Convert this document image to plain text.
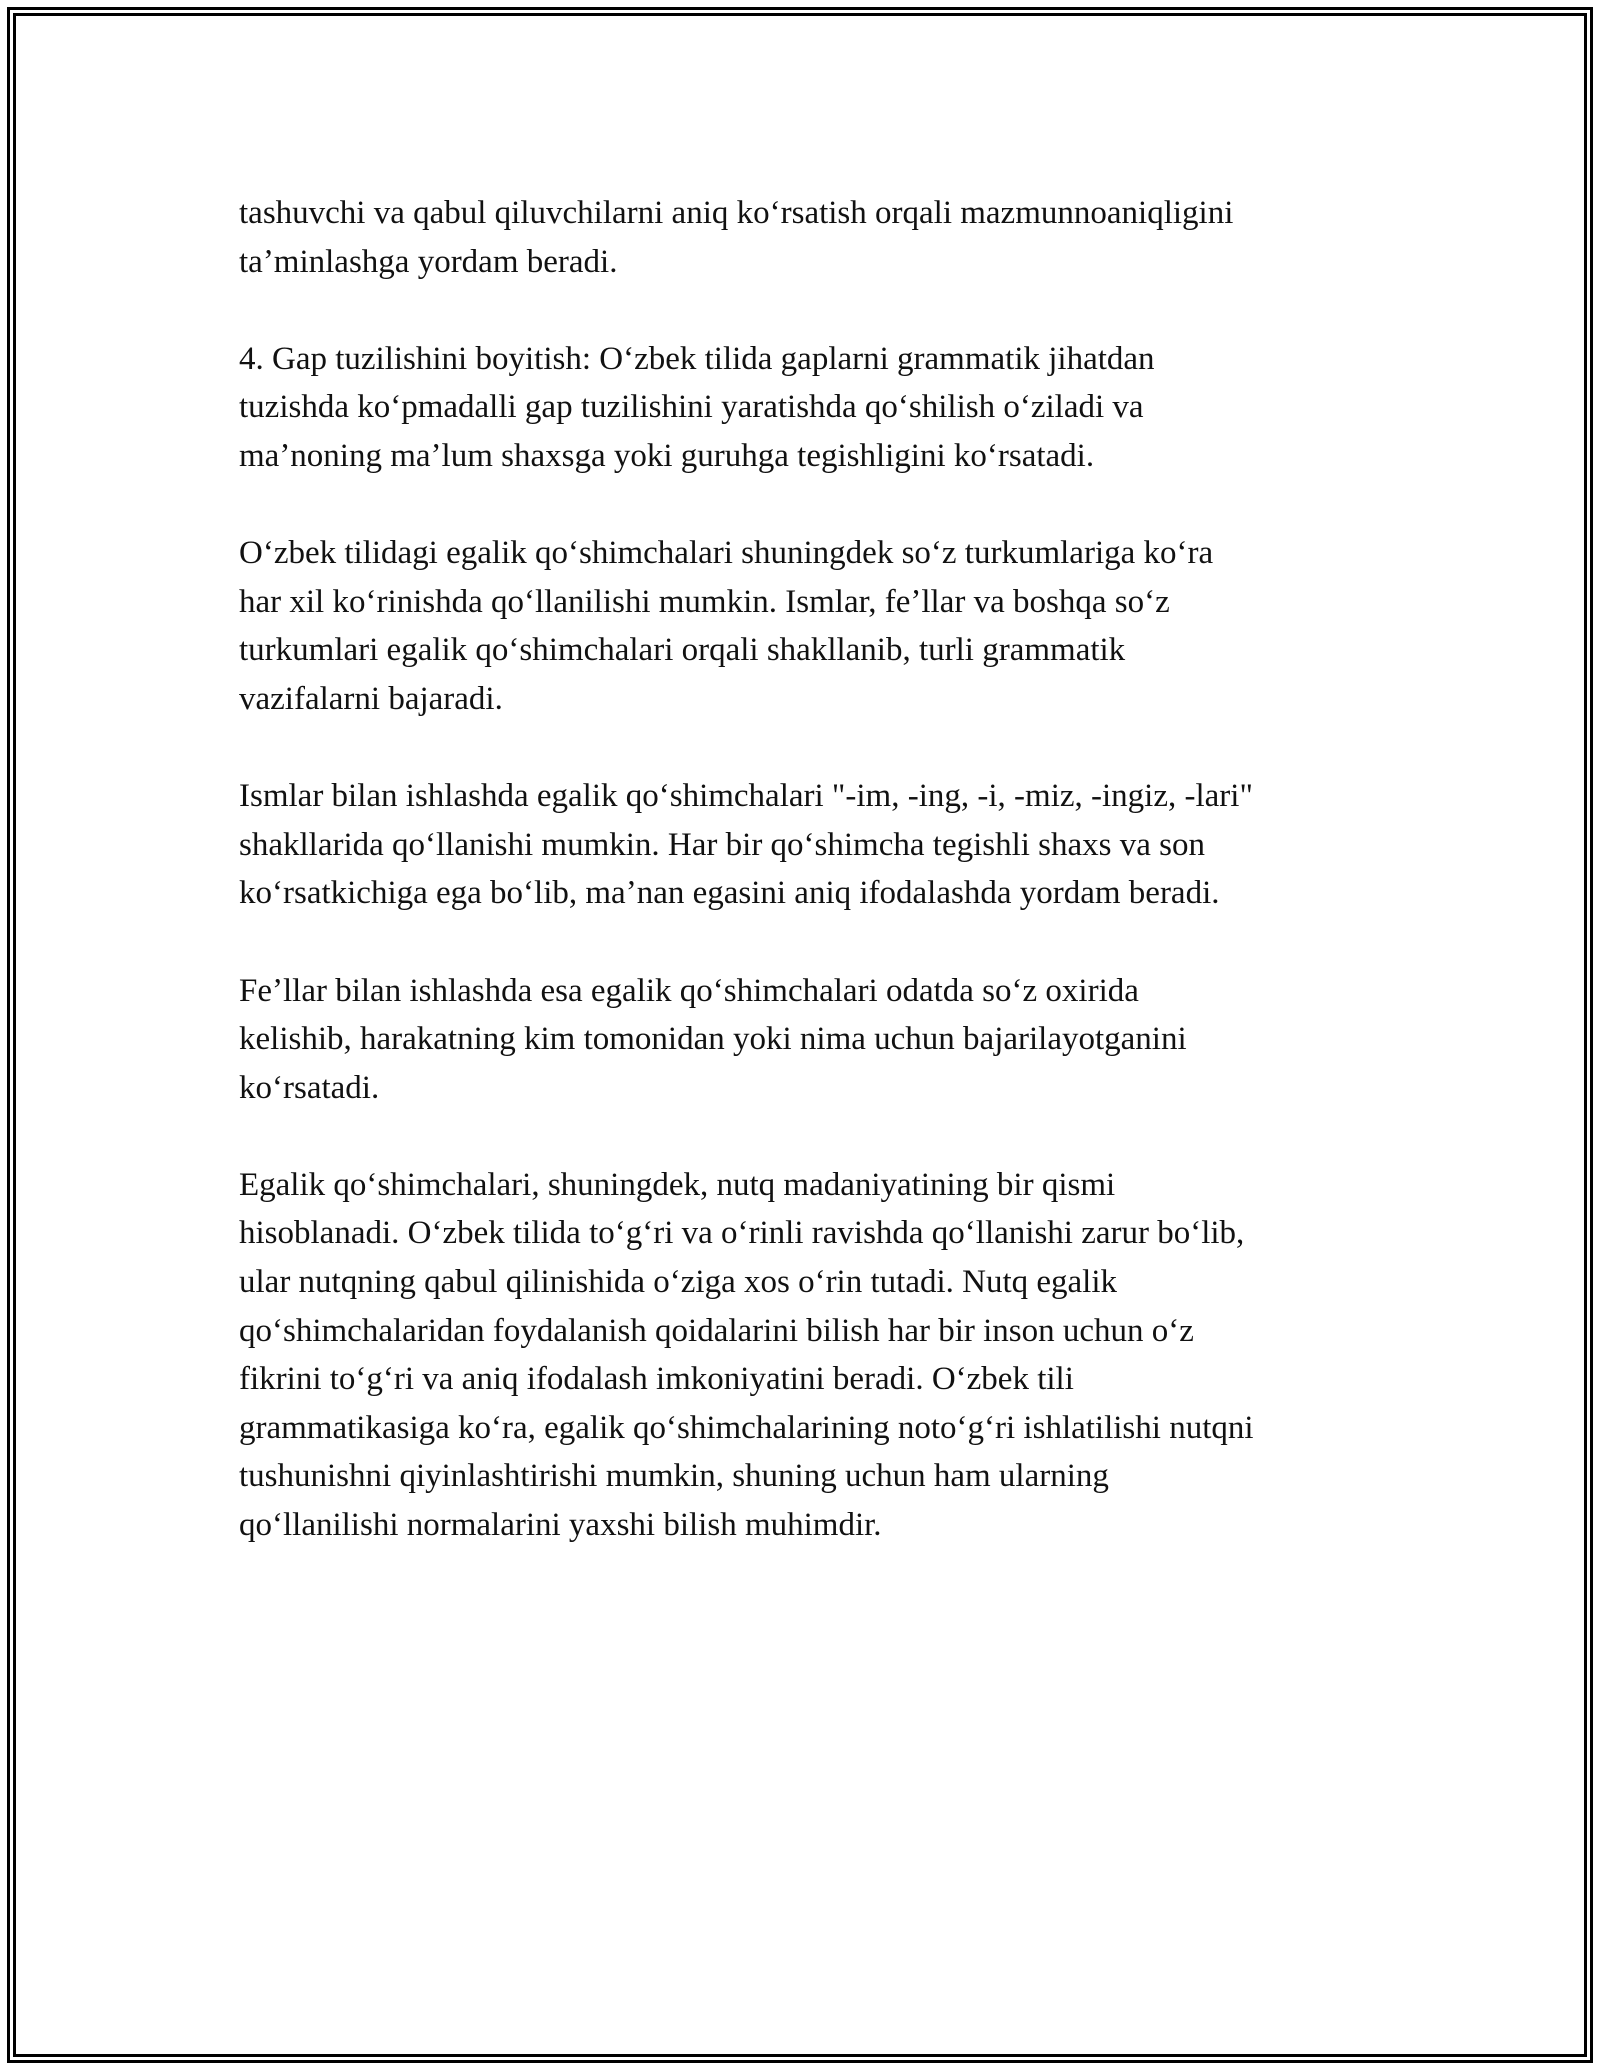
tashuvchi va qabul qiluvchilarni aniq koʻrsatish orqali mazmunnoaniqligini
taʼminlashga yordam beradi.

4. Gap tuzilishini boyitish: Oʻzbek tilida gaplarni grammatik jihatdan
tuzishda koʻpmadalli gap tuzilishini yaratishda qoʻshilish oʻziladi va
maʼnoning maʼlum shaxsga yoki guruhga tegishligini koʻrsatadi.

Oʻzbek tilidagi egalik qoʻshimchalari shuningdek soʻz turkumlariga koʻra
har xil koʻrinishda qoʻllanilishi mumkin. Ismlar, feʼllar va boshqa soʻz
turkumlari egalik qoʻshimchalari orqali shakllanib, turli grammatik
vazifalarni bajaradi.

Ismlar bilan ishlashda egalik qoʻshimchalari "-im, -ing, -i, -miz, -ingiz, -lari"
shakllarida qoʻllanishi mumkin. Har bir qoʻshimcha tegishli shaxs va son
koʻrsatkichiga ega boʻlib, maʼnan egasini aniq ifodalashda yordam beradi.

Feʼllar bilan ishlashda esa egalik qoʻshimchalari odatda soʻz oxirida
kelishib, harakatning kim tomonidan yoki nima uchun bajarilayotganini
koʻrsatadi.

Egalik qoʻshimchalari, shuningdek, nutq madaniyatining bir qismi
hisoblanadi. Oʻzbek tilida toʻgʻri va oʻrinli ravishda qoʻllanishi zarur boʻlib,
ular nutqning qabul qilinishida oʻziga xos oʻrin tutadi. Nutq egalik
qoʻshimchalaridan foydalanish qoidalarini bilish har bir inson uchun oʻz
fikrini toʻgʻri va aniq ifodalash imkoniyatini beradi. Oʻzbek tili
grammatikasiga koʻra, egalik qoʻshimchalarining notoʻgʻri ishlatilishi nutqni
tushunishni qiyinlashtirishi mumkin, shuning uchun ham ularning
qoʻllanilishi normalarini yaxshi bilish muhimdir.
